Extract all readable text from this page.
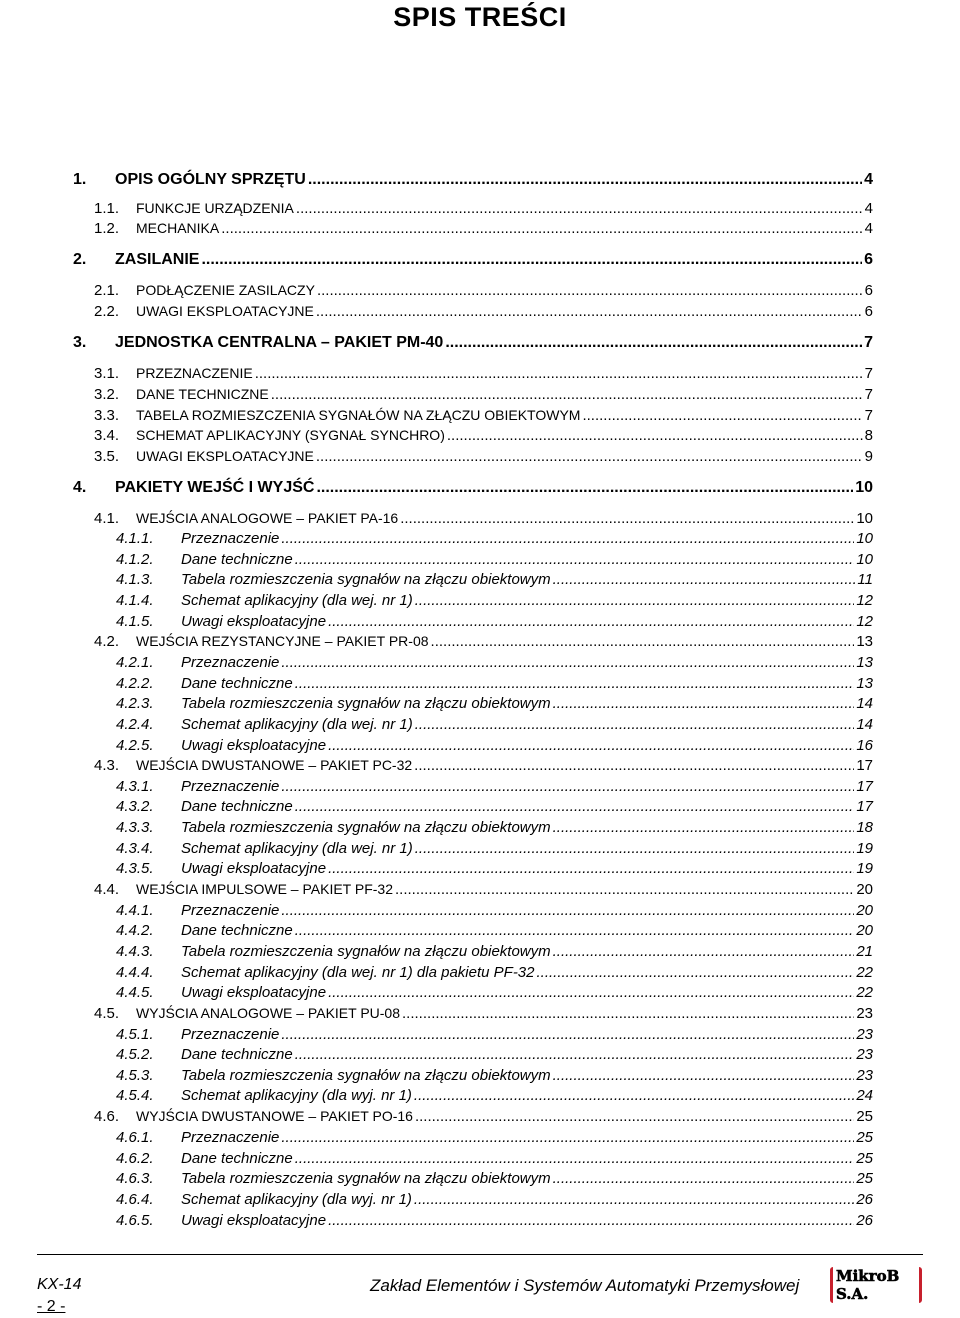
SPIS TREŚCI
1.	OPIS OGÓLNY SPRZĘTU .....	4
1.1.	FUNKCJE URZĄDZENIA .....	4
1.2.	MECHANIKA .....	4
2.	ZASILANIE .....	6
2.1.	PODŁĄCZENIE ZASILACZY .....	6
2.2.	UWAGI EKSPLOATACYJNE .....	6
3.	JEDNOSTKA CENTRALNA – PAKIET PM-40 .....	7
3.1.	PRZEZNACZENIE .....	7
3.2.	DANE TECHNICZNE .....	7
3.3.	TABELA ROZMIESZCZENIA SYGNAŁÓW NA ZŁĄCZU OBIEKTOWYM .....	7
3.4.	SCHEMAT APLIKACYJNY (SYGNAŁ SYNCHRO) .....	8
3.5.	UWAGI EKSPLOATACYJNE .....	9
4.	PAKIETY WEJŚĆ I WYJŚĆ .....	10
4.1.	WEJŚCIA ANALOGOWE – PAKIET PA-16 .....	10
4.1.1.	Przeznaczenie .....	10
4.1.2.	Dane techniczne .....	10
4.1.3.	Tabela rozmieszczenia sygnałów na złączu obiektowym .....	11
4.1.4.	Schemat aplikacyjny (dla wej. nr 1) .....	12
4.1.5.	Uwagi eksploatacyjne .....	12
4.2.	WEJŚCIA REZYSTANCYJNE – PAKIET PR-08 .....	13
4.2.1.	Przeznaczenie .....	13
4.2.2.	Dane techniczne .....	13
4.2.3.	Tabela rozmieszczenia sygnałów na złączu obiektowym .....	14
4.2.4.	Schemat aplikacyjny (dla wej. nr 1) .....	14
4.2.5.	Uwagi eksploatacyjne .....	16
4.3.	WEJŚCIA DWUSTANOWE – PAKIET PC-32 .....	17
4.3.1.	Przeznaczenie .....	17
4.3.2.	Dane techniczne .....	17
4.3.3.	Tabela rozmieszczenia sygnałów na złączu obiektowym .....	18
4.3.4.	Schemat aplikacyjny (dla wej. nr 1) .....	19
4.3.5.	Uwagi eksploatacyjne .....	19
4.4.	WEJŚCIA IMPULSOWE – PAKIET PF-32 .....	20
4.4.1.	Przeznaczenie .....	20
4.4.2.	Dane techniczne .....	20
4.4.3.	Tabela rozmieszczenia sygnałów na złączu obiektowym .....	21
4.4.4.	Schemat aplikacyjny (dla wej. nr 1) dla pakietu PF-32 .....	22
4.4.5.	Uwagi eksploatacyjne .....	22
4.5.	WYJŚCIA ANALOGOWE – PAKIET PU-08 .....	23
4.5.1.	Przeznaczenie .....	23
4.5.2.	Dane techniczne .....	23
4.5.3.	Tabela rozmieszczenia sygnałów na złączu obiektowym .....	23
4.5.4.	Schemat aplikacyjny (dla wyj. nr 1) .....	24
4.6.	WYJŚCIA DWUSTANOWE – PAKIET PO-16 .....	25
4.6.1.	Przeznaczenie .....	25
4.6.2.	Dane techniczne .....	25
4.6.3.	Tabela rozmieszczenia sygnałów na złączu obiektowym .....	25
4.6.4.	Schemat aplikacyjny (dla wyj. nr 1) .....	26
4.6.5.	Uwagi eksploatacyjne .....	26
KX-14
- 2 -
Zakład Elementów i Systemów Automatyki Przemysłowej MikroB S.A.
